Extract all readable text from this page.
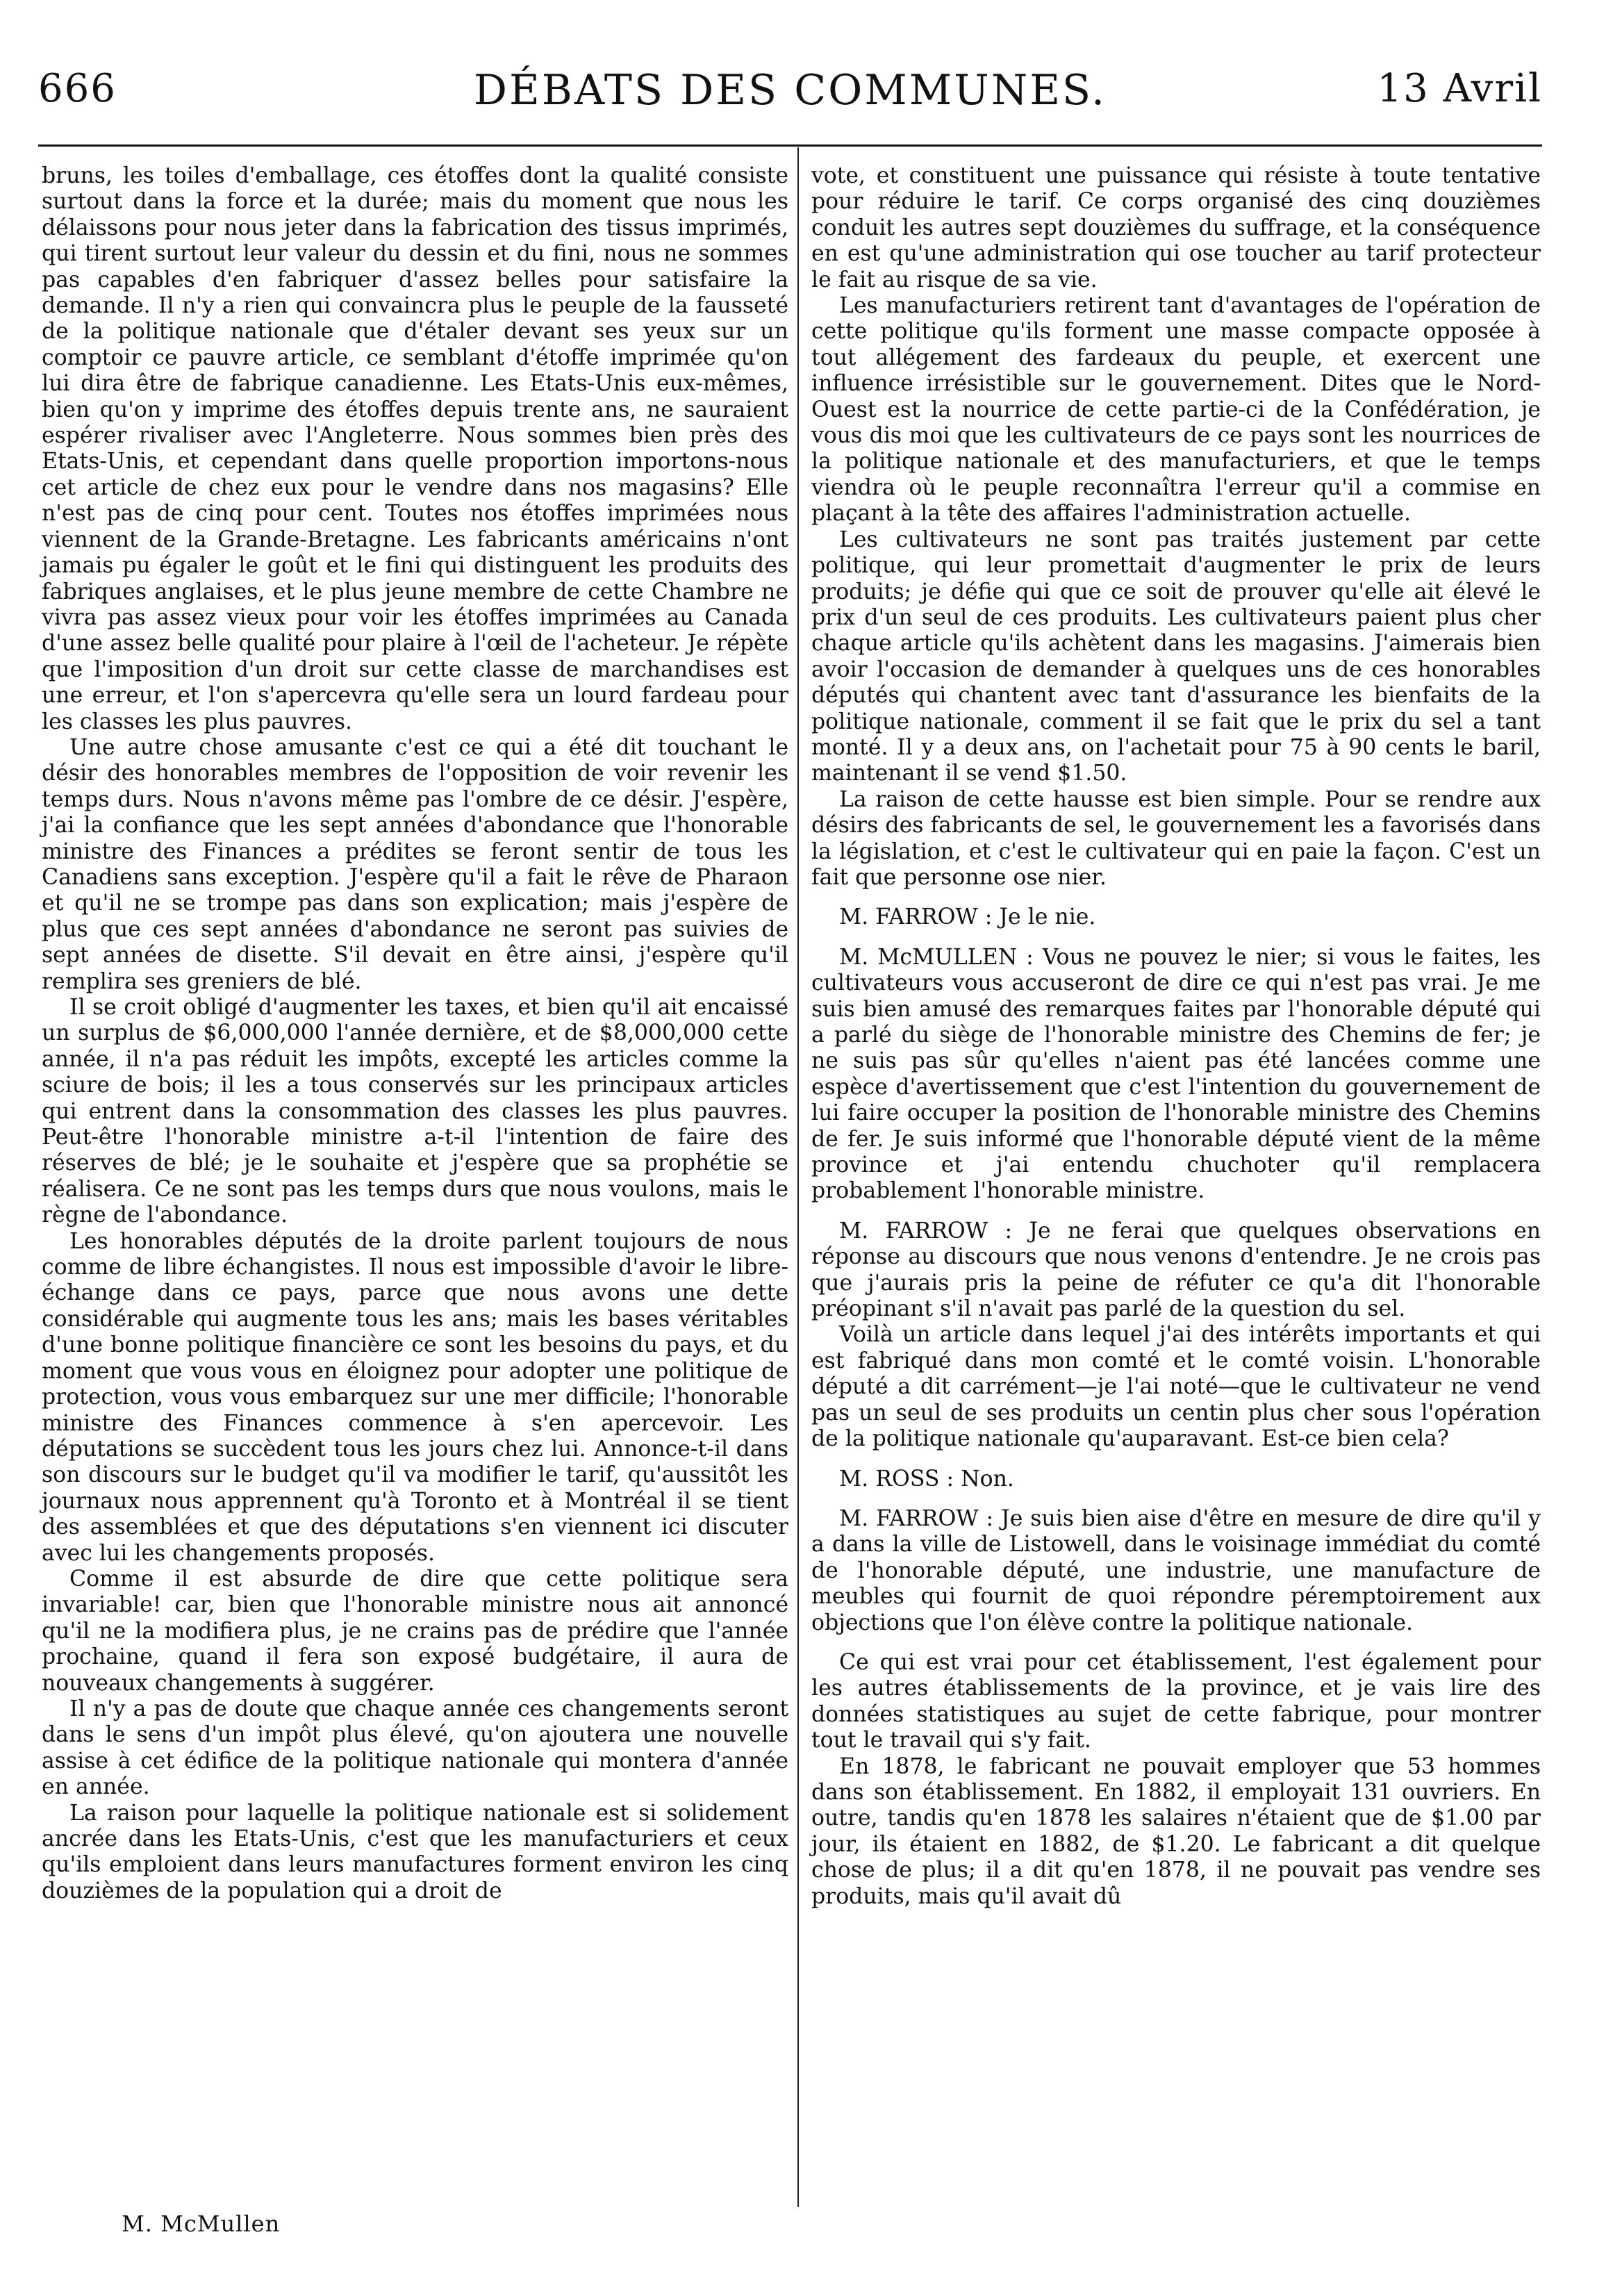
666	DÉBATS DES COMMUNES.	13 Avril

bruns, les toiles d'emballage, ces étoffes dont la qualité consiste surtout dans la force et la durée; mais du moment que nous les délaissons pour nous jeter dans la fabrication des tissus imprimés, qui tirent surtout leur valeur du dessin et du fini, nous ne sommes pas capables d'en fabriquer d'assez belles pour satisfaire la demande. Il n'y a rien qui convaincra plus le peuple de la fausseté de la politique nationale que d'étaler devant ses yeux sur un comptoir ce pauvre article, ce semblant d'étoffe imprimée qu'on lui dira être de fabrique canadienne. Les Etats-Unis eux-mêmes, bien qu'on y imprime des étoffes depuis trente ans, ne sauraient espérer rivaliser avec l'Angleterre. Nous sommes bien près des Etats-Unis, et cependant dans quelle proportion importons-nous cet article de chez eux pour le vendre dans nos magasins? Elle n'est pas de cinq pour cent. Toutes nos étoffes imprimées nous viennent de la Grande-Bretagne. Les fabricants américains n'ont jamais pu égaler le goût et le fini qui distinguent les produits des fabriques anglaises, et le plus jeune membre de cette Chambre ne vivra pas assez vieux pour voir les étoffes imprimées au Canada d'une assez belle qualité pour plaire à l'œil de l'acheteur. Je répète que l'imposition d'un droit sur cette classe de marchandises est une erreur, et l'on s'apercevra qu'elle sera un lourd fardeau pour les classes les plus pauvres.

Une autre chose amusante c'est ce qui a été dit touchant le désir des honorables membres de l'opposition de voir revenir les temps durs. Nous n'avons même pas l'ombre de ce désir. J'espère, j'ai la confiance que les sept années d'abondance que l'honorable ministre des Finances a prédites se feront sentir de tous les Canadiens sans exception. J'espère qu'il a fait le rêve de Pharaon et qu'il ne se trompe pas dans son explication; mais j'espère de plus que ces sept années d'abondance ne seront pas suivies de sept années de disette. S'il devait en être ainsi, j'espère qu'il remplira ses greniers de blé.

Il se croit obligé d'augmenter les taxes, et bien qu'il ait encaissé un surplus de $6,000,000 l'année dernière, et de $8,000,000 cette année, il n'a pas réduit les impôts, excepté les articles comme la sciure de bois; il les a tous conservés sur les principaux articles qui entrent dans la consommation des classes les plus pauvres. Peut-être l'honorable ministre a-t-il l'intention de faire des réserves de blé; je le souhaite et j'espère que sa prophétie se réalisera. Ce ne sont pas les temps durs que nous voulons, mais le règne de l'abondance.

Les honorables députés de la droite parlent toujours de nous comme de libre échangistes. Il nous est impossible d'avoir le libre-échange dans ce pays, parce que nous avons une dette considérable qui augmente tous les ans; mais les bases véritables d'une bonne politique financière ce sont les besoins du pays, et du moment que vous vous en éloignez pour adopter une politique de protection, vous vous embarquez sur une mer difficile; l'honorable ministre des Finances commence à s'en apercevoir. Les députations se succèdent tous les jours chez lui. Annonce-t-il dans son discours sur le budget qu'il va modifier le tarif, qu'aussitôt les journaux nous apprennent qu'à Toronto et à Montréal il se tient des assemblées et que des députations s'en viennent ici discuter avec lui les changements proposés.

Comme il est absurde de dire que cette politique sera invariable! car, bien que l'honorable ministre nous ait annoncé qu'il ne la modifiera plus, je ne crains pas de prédire que l'année prochaine, quand il fera son exposé budgétaire, il aura de nouveaux changements à suggérer.

Il n'y a pas de doute que chaque année ces changements seront dans le sens d'un impôt plus élevé, qu'on ajoutera une nouvelle assise à cet édifice de la politique nationale qui montera d'année en année.

La raison pour laquelle la politique nationale est si solidement ancrée dans les Etats-Unis, c'est que les manufacturiers et ceux qu'ils emploient dans leurs manufactures forment environ les cinq douzièmes de la population qui a droit de

vote, et constituent une puissance qui résiste à toute tentative pour réduire le tarif. Ce corps organisé des cinq douzièmes conduit les autres sept douzièmes du suffrage, et la conséquence en est qu'une administration qui ose toucher au tarif protecteur le fait au risque de sa vie.

Les manufacturiers retirent tant d'avantages de l'opération de cette politique qu'ils forment une masse compacte opposée à tout allégement des fardeaux du peuple, et exercent une influence irrésistible sur le gouvernement. Dites que le Nord-Ouest est la nourrice de cette partie-ci de la Confédération, je vous dis moi que les cultivateurs de ce pays sont les nourrices de la politique nationale et des manufacturiers, et que le temps viendra où le peuple reconnaîtra l'erreur qu'il a commise en plaçant à la tête des affaires l'administration actuelle.

Les cultivateurs ne sont pas traités justement par cette politique, qui leur promettait d'augmenter le prix de leurs produits; je défie qui que ce soit de prouver qu'elle ait élevé le prix d'un seul de ces produits. Les cultivateurs paient plus cher chaque article qu'ils achètent dans les magasins. J'aimerais bien avoir l'occasion de demander à quelques uns de ces honorables députés qui chantent avec tant d'assurance les bienfaits de la politique nationale, comment il se fait que le prix du sel a tant monté. Il y a deux ans, on l'achetait pour 75 à 90 cents le baril, maintenant il se vend $1.50.

La raison de cette hausse est bien simple. Pour se rendre aux désirs des fabricants de sel, le gouvernement les a favorisés dans la législation, et c'est le cultivateur qui en paie la façon. C'est un fait que personne ose nier.

M. FARROW : Je le nie.

M. McMULLEN : Vous ne pouvez le nier; si vous le faites, les cultivateurs vous accuseront de dire ce qui n'est pas vrai. Je me suis bien amusé des remarques faites par l'honorable député qui a parlé du siège de l'honorable ministre des Chemins de fer; je ne suis pas sûr qu'elles n'aient pas été lancées comme une espèce d'avertissement que c'est l'intention du gouvernement de lui faire occuper la position de l'honorable ministre des Chemins de fer. Je suis informé que l'honorable député vient de la même province et j'ai entendu chuchoter qu'il remplacera probablement l'honorable ministre.

M. FARROW : Je ne ferai que quelques observations en réponse au discours que nous venons d'entendre. Je ne crois pas que j'aurais pris la peine de réfuter ce qu'a dit l'honorable préopinant s'il n'avait pas parlé de la question du sel.

Voilà un article dans lequel j'ai des intérêts importants et qui est fabriqué dans mon comté et le comté voisin. L'honorable député a dit carrément—je l'ai noté—que le cultivateur ne vend pas un seul de ses produits un centin plus cher sous l'opération de la politique nationale qu'auparavant. Est-ce bien cela?

M. ROSS : Non.

M. FARROW : Je suis bien aise d'être en mesure de dire qu'il y a dans la ville de Listowell, dans le voisinage immédiat du comté de l'honorable député, une industrie, une manufacture de meubles qui fournit de quoi répondre péremptoirement aux objections que l'on élève contre la politique nationale.

Ce qui est vrai pour cet établissement, l'est également pour les autres établissements de la province, et je vais lire des données statistiques au sujet de cette fabrique, pour montrer tout le travail qui s'y fait.

En 1878, le fabricant ne pouvait employer que 53 hommes dans son établissement. En 1882, il employait 131 ouvriers. En outre, tandis qu'en 1878 les salaires n'étaient que de $1.00 par jour, ils étaient en 1882, de $1.20. Le fabricant a dit quelque chose de plus; il a dit qu'en 1878, il ne pouvait pas vendre ses produits, mais qu'il avait dû

M. McMullen
